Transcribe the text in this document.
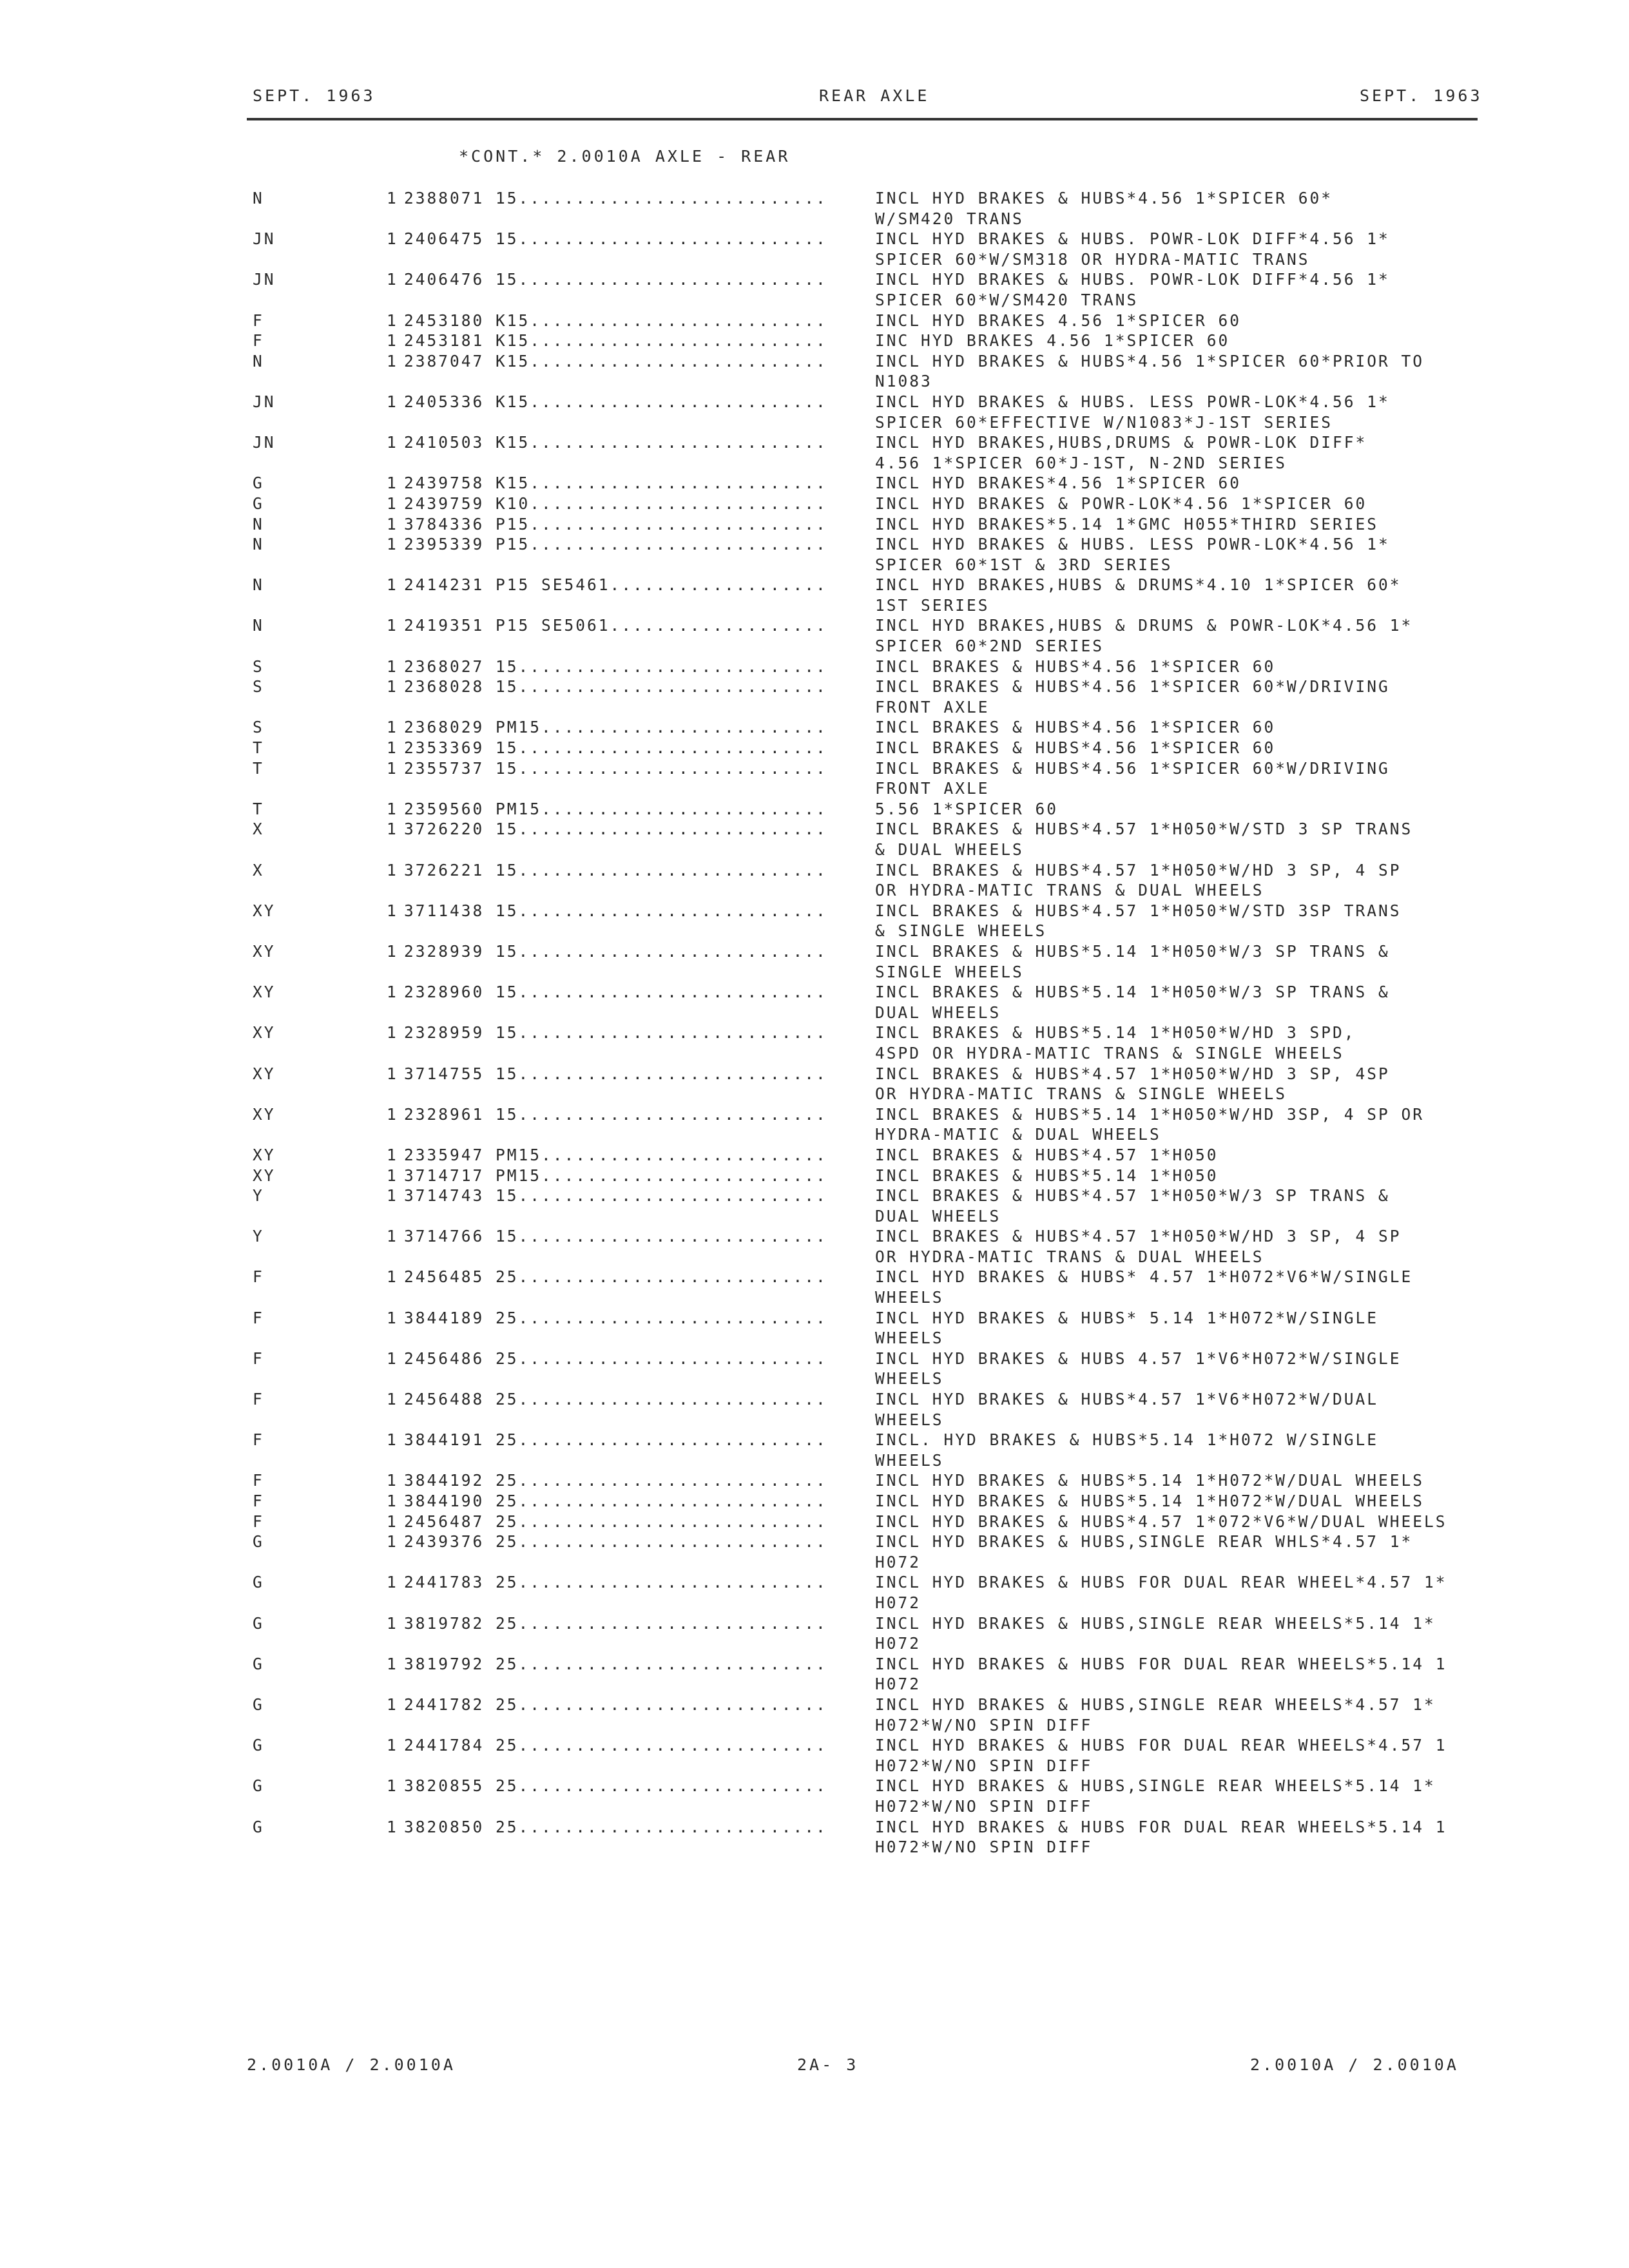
SEPT. 1963	REAR AXLE	SEPT. 1963
*CONT.* 2.0010A AXLE - REAR
N	1 2388071 15...........................	INCL HYD BRAKES & HUBS*4.56 1*SPICER 60*
W/SM420 TRANS
JN	1 2406475 15...........................	INCL HYD BRAKES & HUBS. POWR-LOK DIFF*4.56 1*
SPICER 60*W/SM318 OR HYDRA-MATIC TRANS
JN	1 2406476 15...........................	INCL HYD BRAKES & HUBS. POWR-LOK DIFF*4.56 1*
SPICER 60*W/SM420 TRANS
F	1 2453180 K15..........................	INCL HYD BRAKES 4.56 1*SPICER 60
F	1 2453181 K15..........................	INC HYD BRAKES 4.56 1*SPICER 60
N	1 2387047 K15..........................	INCL HYD BRAKES & HUBS*4.56 1*SPICER 60*PRIOR TO
N1083
JN	1 2405336 K15..........................	INCL HYD BRAKES & HUBS. LESS POWR-LOK*4.56 1*
SPICER 60*EFFECTIVE W/N1083*J-1ST SERIES
JN	1 2410503 K15..........................	INCL HYD BRAKES,HUBS,DRUMS & POWR-LOK DIFF*
4.56 1*SPICER 60*J-1ST, N-2ND SERIES
G	1 2439758 K15..........................	INCL HYD BRAKES*4.56 1*SPICER 60
G	1 2439759 K10..........................	INCL HYD BRAKES & POWR-LOK*4.56 1*SPICER 60
N	1 3784336 P15..........................	INCL HYD BRAKES*5.14 1*GMC H055*THIRD SERIES
N	1 2395339 P15..........................	INCL HYD BRAKES & HUBS. LESS POWR-LOK*4.56 1*
SPICER 60*1ST & 3RD SERIES
N	1 2414231 P15 SE5461...................	INCL HYD BRAKES,HUBS & DRUMS*4.10 1*SPICER 60*
1ST SERIES
N	1 2419351 P15 SE5061...................	INCL HYD BRAKES,HUBS & DRUMS & POWR-LOK*4.56 1*
SPICER 60*2ND SERIES
S	1 2368027 15...........................	INCL BRAKES & HUBS*4.56 1*SPICER 60
S	1 2368028 15...........................	INCL BRAKES & HUBS*4.56 1*SPICER 60*W/DRIVING
FRONT AXLE
S	1 2368029 PM15.........................	INCL BRAKES & HUBS*4.56 1*SPICER 60
T	1 2353369 15...........................	INCL BRAKES & HUBS*4.56 1*SPICER 60
T	1 2355737 15...........................	INCL BRAKES & HUBS*4.56 1*SPICER 60*W/DRIVING
FRONT AXLE
T	1 2359560 PM15.........................	5.56 1*SPICER 60
X	1 3726220 15...........................	INCL BRAKES & HUBS*4.57 1*H050*W/STD 3 SP TRANS
& DUAL WHEELS
X	1 3726221 15...........................	INCL BRAKES & HUBS*4.57 1*H050*W/HD 3 SP, 4 SP
OR HYDRA-MATIC TRANS & DUAL WHEELS
XY	1 3711438 15...........................	INCL BRAKES & HUBS*4.57 1*H050*W/STD 3SP TRANS
& SINGLE WHEELS
XY	1 2328939 15...........................	INCL BRAKES & HUBS*5.14 1*H050*W/3 SP TRANS &
SINGLE WHEELS
XY	1 2328960 15...........................	INCL BRAKES & HUBS*5.14 1*H050*W/3 SP TRANS &
DUAL WHEELS
XY	1 2328959 15...........................	INCL BRAKES & HUBS*5.14 1*H050*W/HD 3 SPD,
4SPD OR HYDRA-MATIC TRANS & SINGLE WHEELS
XY	1 3714755 15...........................	INCL BRAKES & HUBS*4.57 1*H050*W/HD 3 SP, 4SP
OR HYDRA-MATIC TRANS & SINGLE WHEELS
XY	1 2328961 15...........................	INCL BRAKES & HUBS*5.14 1*H050*W/HD 3SP, 4 SP OR
HYDRA-MATIC & DUAL WHEELS
XY	1 2335947 PM15.........................	INCL BRAKES & HUBS*4.57 1*H050
XY	1 3714717 PM15.........................	INCL BRAKES & HUBS*5.14 1*H050
Y	1 3714743 15...........................	INCL BRAKES & HUBS*4.57 1*H050*W/3 SP TRANS &
DUAL WHEELS
Y	1 3714766 15...........................	INCL BRAKES & HUBS*4.57 1*H050*W/HD 3 SP, 4 SP
OR HYDRA-MATIC TRANS & DUAL WHEELS
F	1 2456485 25...........................	INCL HYD BRAKES & HUBS* 4.57 1*H072*V6*W/SINGLE
WHEELS
F	1 3844189 25...........................	INCL HYD BRAKES & HUBS* 5.14 1*H072*W/SINGLE
WHEELS
F	1 2456486 25...........................	INCL HYD BRAKES & HUBS 4.57 1*V6*H072*W/SINGLE
WHEELS
F	1 2456488 25...........................	INCL HYD BRAKES & HUBS*4.57 1*V6*H072*W/DUAL
WHEELS
F	1 3844191 25...........................	INCL. HYD BRAKES & HUBS*5.14 1*H072 W/SINGLE
WHEELS
F	1 3844192 25...........................	INCL HYD BRAKES & HUBS*5.14 1*H072*W/DUAL WHEELS
F	1 3844190 25...........................	INCL HYD BRAKES & HUBS*5.14 1*H072*W/DUAL WHEELS
F	1 2456487 25...........................	INCL HYD BRAKES & HUBS*4.57 1*072*V6*W/DUAL WHEELS
G	1 2439376 25...........................	INCL HYD BRAKES & HUBS,SINGLE REAR WHLS*4.57 1*
H072
G	1 2441783 25...........................	INCL HYD BRAKES & HUBS FOR DUAL REAR WHEEL*4.57 1*
H072
G	1 3819782 25...........................	INCL HYD BRAKES & HUBS,SINGLE REAR WHEELS*5.14 1*
H072
G	1 3819792 25...........................	INCL HYD BRAKES & HUBS FOR DUAL REAR WHEELS*5.14 1
H072
G	1 2441782 25...........................	INCL HYD BRAKES & HUBS,SINGLE REAR WHEELS*4.57 1*
H072*W/NO SPIN DIFF
G	1 2441784 25...........................	INCL HYD BRAKES & HUBS FOR DUAL REAR WHEELS*4.57 1
H072*W/NO SPIN DIFF
G	1 3820855 25...........................	INCL HYD BRAKES & HUBS,SINGLE REAR WHEELS*5.14 1*
H072*W/NO SPIN DIFF
G	1 3820850 25...........................	INCL HYD BRAKES & HUBS FOR DUAL REAR WHEELS*5.14 1
H072*W/NO SPIN DIFF
2.0010A / 2.0010A	2A- 3	2.0010A / 2.0010A
